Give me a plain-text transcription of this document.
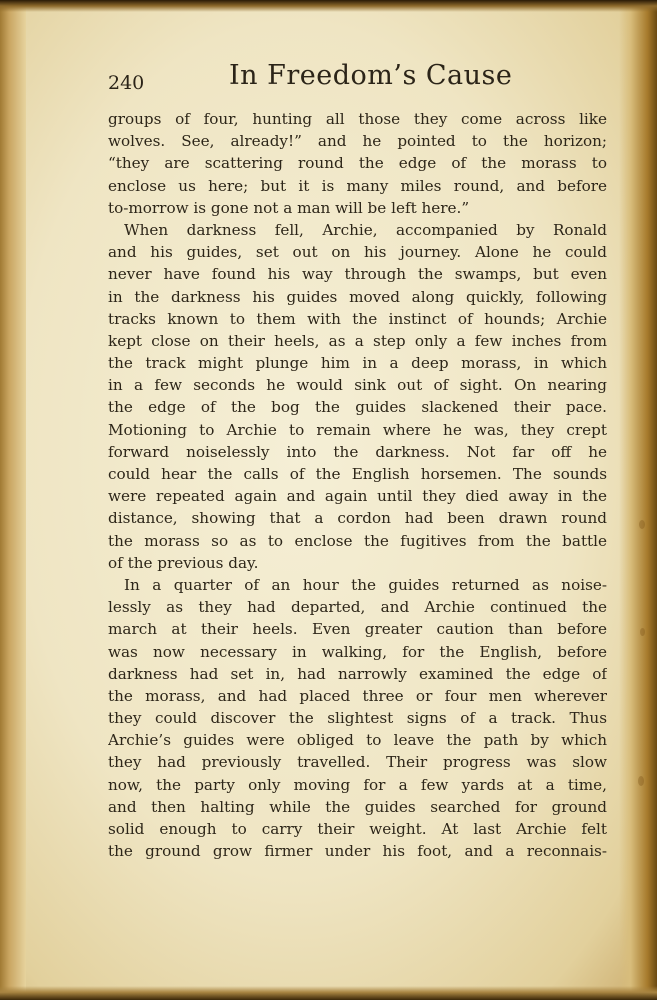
240	In Freedom’s Cause
groups of four, hunting all those they come across like
wolves. See, already!” and he pointed to the horizon;
“they are scattering round the edge of the morass to
enclose us here; but it is many miles round, and before
to-morrow is gone not a man will be left here.”
When darkness fell, Archie, accompanied by Ronald
and his guides, set out on his journey. Alone he could
never have found his way through the swamps, but even
in the darkness his guides moved along quickly, following
tracks known to them with the instinct of hounds; Archie
kept close on their heels, as a step only a few inches from
the track might plunge him in a deep morass, in which
in a few seconds he would sink out of sight. On nearing
the edge of the bog the guides slackened their pace.
Motioning to Archie to remain where he was, they crept
forward noiselessly into the darkness. Not far off he
could hear the calls of the English horsemen. The sounds
were repeated again and again until they died away in the
distance, showing that a cordon had been drawn round
the morass so as to enclose the fugitives from the battle
of the previous day.
In a quarter of an hour the guides returned as noise-
lessly as they had departed, and Archie continued the
march at their heels. Even greater caution than before
was now necessary in walking, for the English, before
darkness had set in, had narrowly examined the edge of
the morass, and had placed three or four men wherever
they could discover the slightest signs of a track. Thus
Archie’s guides were obliged to leave the path by which
they had previously travelled. Their progress was slow
now, the party only moving for a few yards at a time,
and then halting while the guides searched for ground
solid enough to carry their weight. At last Archie felt
the ground grow firmer under his foot, and a reconnais-
